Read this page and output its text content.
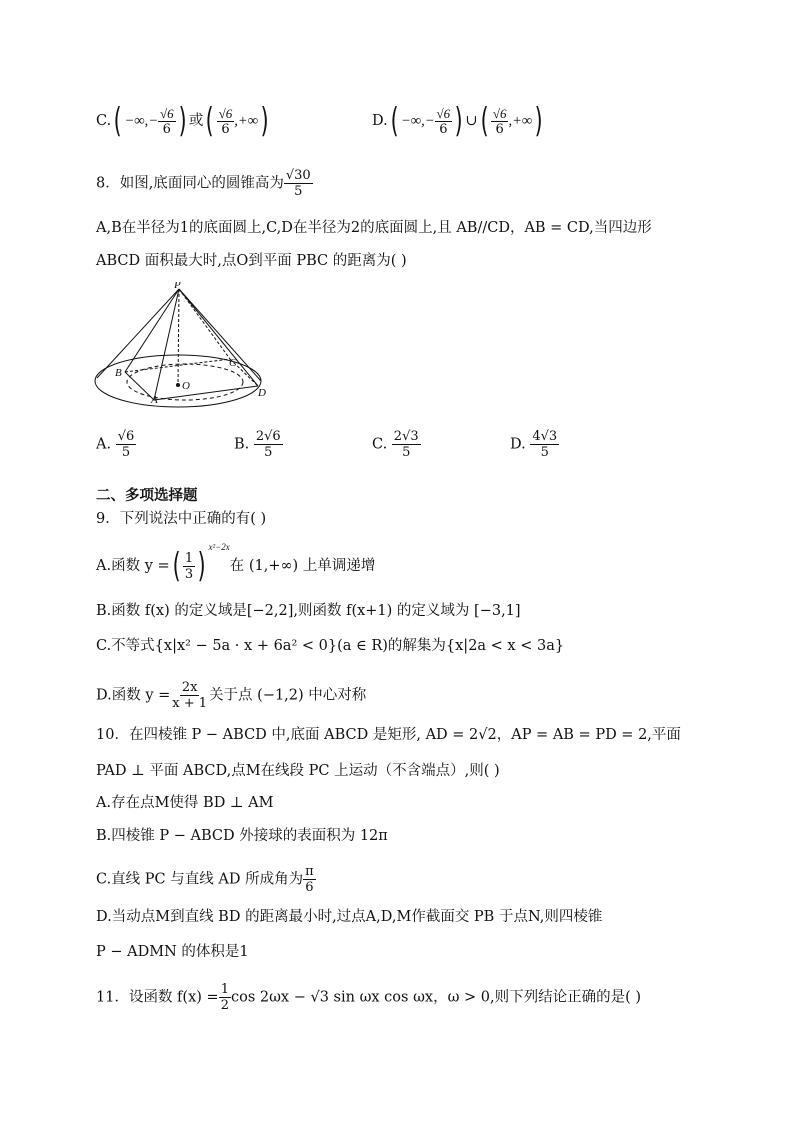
C.( −∞,− $\frac{√6}{6}$ ) 或( $\frac{√6}{6}$ ,+∞)	D.( −∞,− $\frac{√6}{6}$ ) ∪( $\frac{√6}{6}$ ,+∞)
8．如图,底面同心的圆锥高为 $\frac{√30}{5}$
A,B在半径为1的底面圆上,C,D在半径为2的底面圆上,且 AB//CD，AB = CD,当四边形
ABCD 面积最大时,点O到平面 PBC 的距离为( )
P
B
C
A
O
D
A. $\frac{√6}{5}$	B. $\frac{2√6}{5}$	C. $\frac{2√3}{5}$	D. $\frac{4√3}{5}$
二、多项选择题
9．下列说法中正确的有( )
A.函数 y =( $\frac{1}{3}$ ) $^{x^2-2x}$在 (1,+∞) 上单调递增
B.函数 f(x) 的定义域是[−2,2],则函数 f(x+1) 的定义域为 [−3,1]
C.不等式{x|x² − 5a · x + 6a² < 0}(a ∈ R)的解集为{x|2a < x < 3a}
D.函数 $y = \frac{2x}{x + 1}$ 关于点 (−1,2) 中心对称
10．在四棱锥 P − ABCD 中,底面 ABCD 是矩形, AD = 2√2，AP = AB = PD = 2,平面
PAD ⊥ 平面 ABCD,点M在线段 PC 上运动（不含端点）,则( )
A.存在点M使得 BD ⊥ AM
B.四棱锥 P − ABCD 外接球的表面积为 12π
C.直线 PC 与直线 AD 所成角为 $\frac{\pi}{6}$
D.当动点M到直线 BD 的距离最小时,过点A,D,M作截面交 PB 于点N,则四棱锥
P − ADMN 的体积是1
11．设函数 $f(x) = \frac{1}{2}$ cos 2ωx − √3 sin ωx cos ωx，ω > 0,则下列结论正确的是( )
